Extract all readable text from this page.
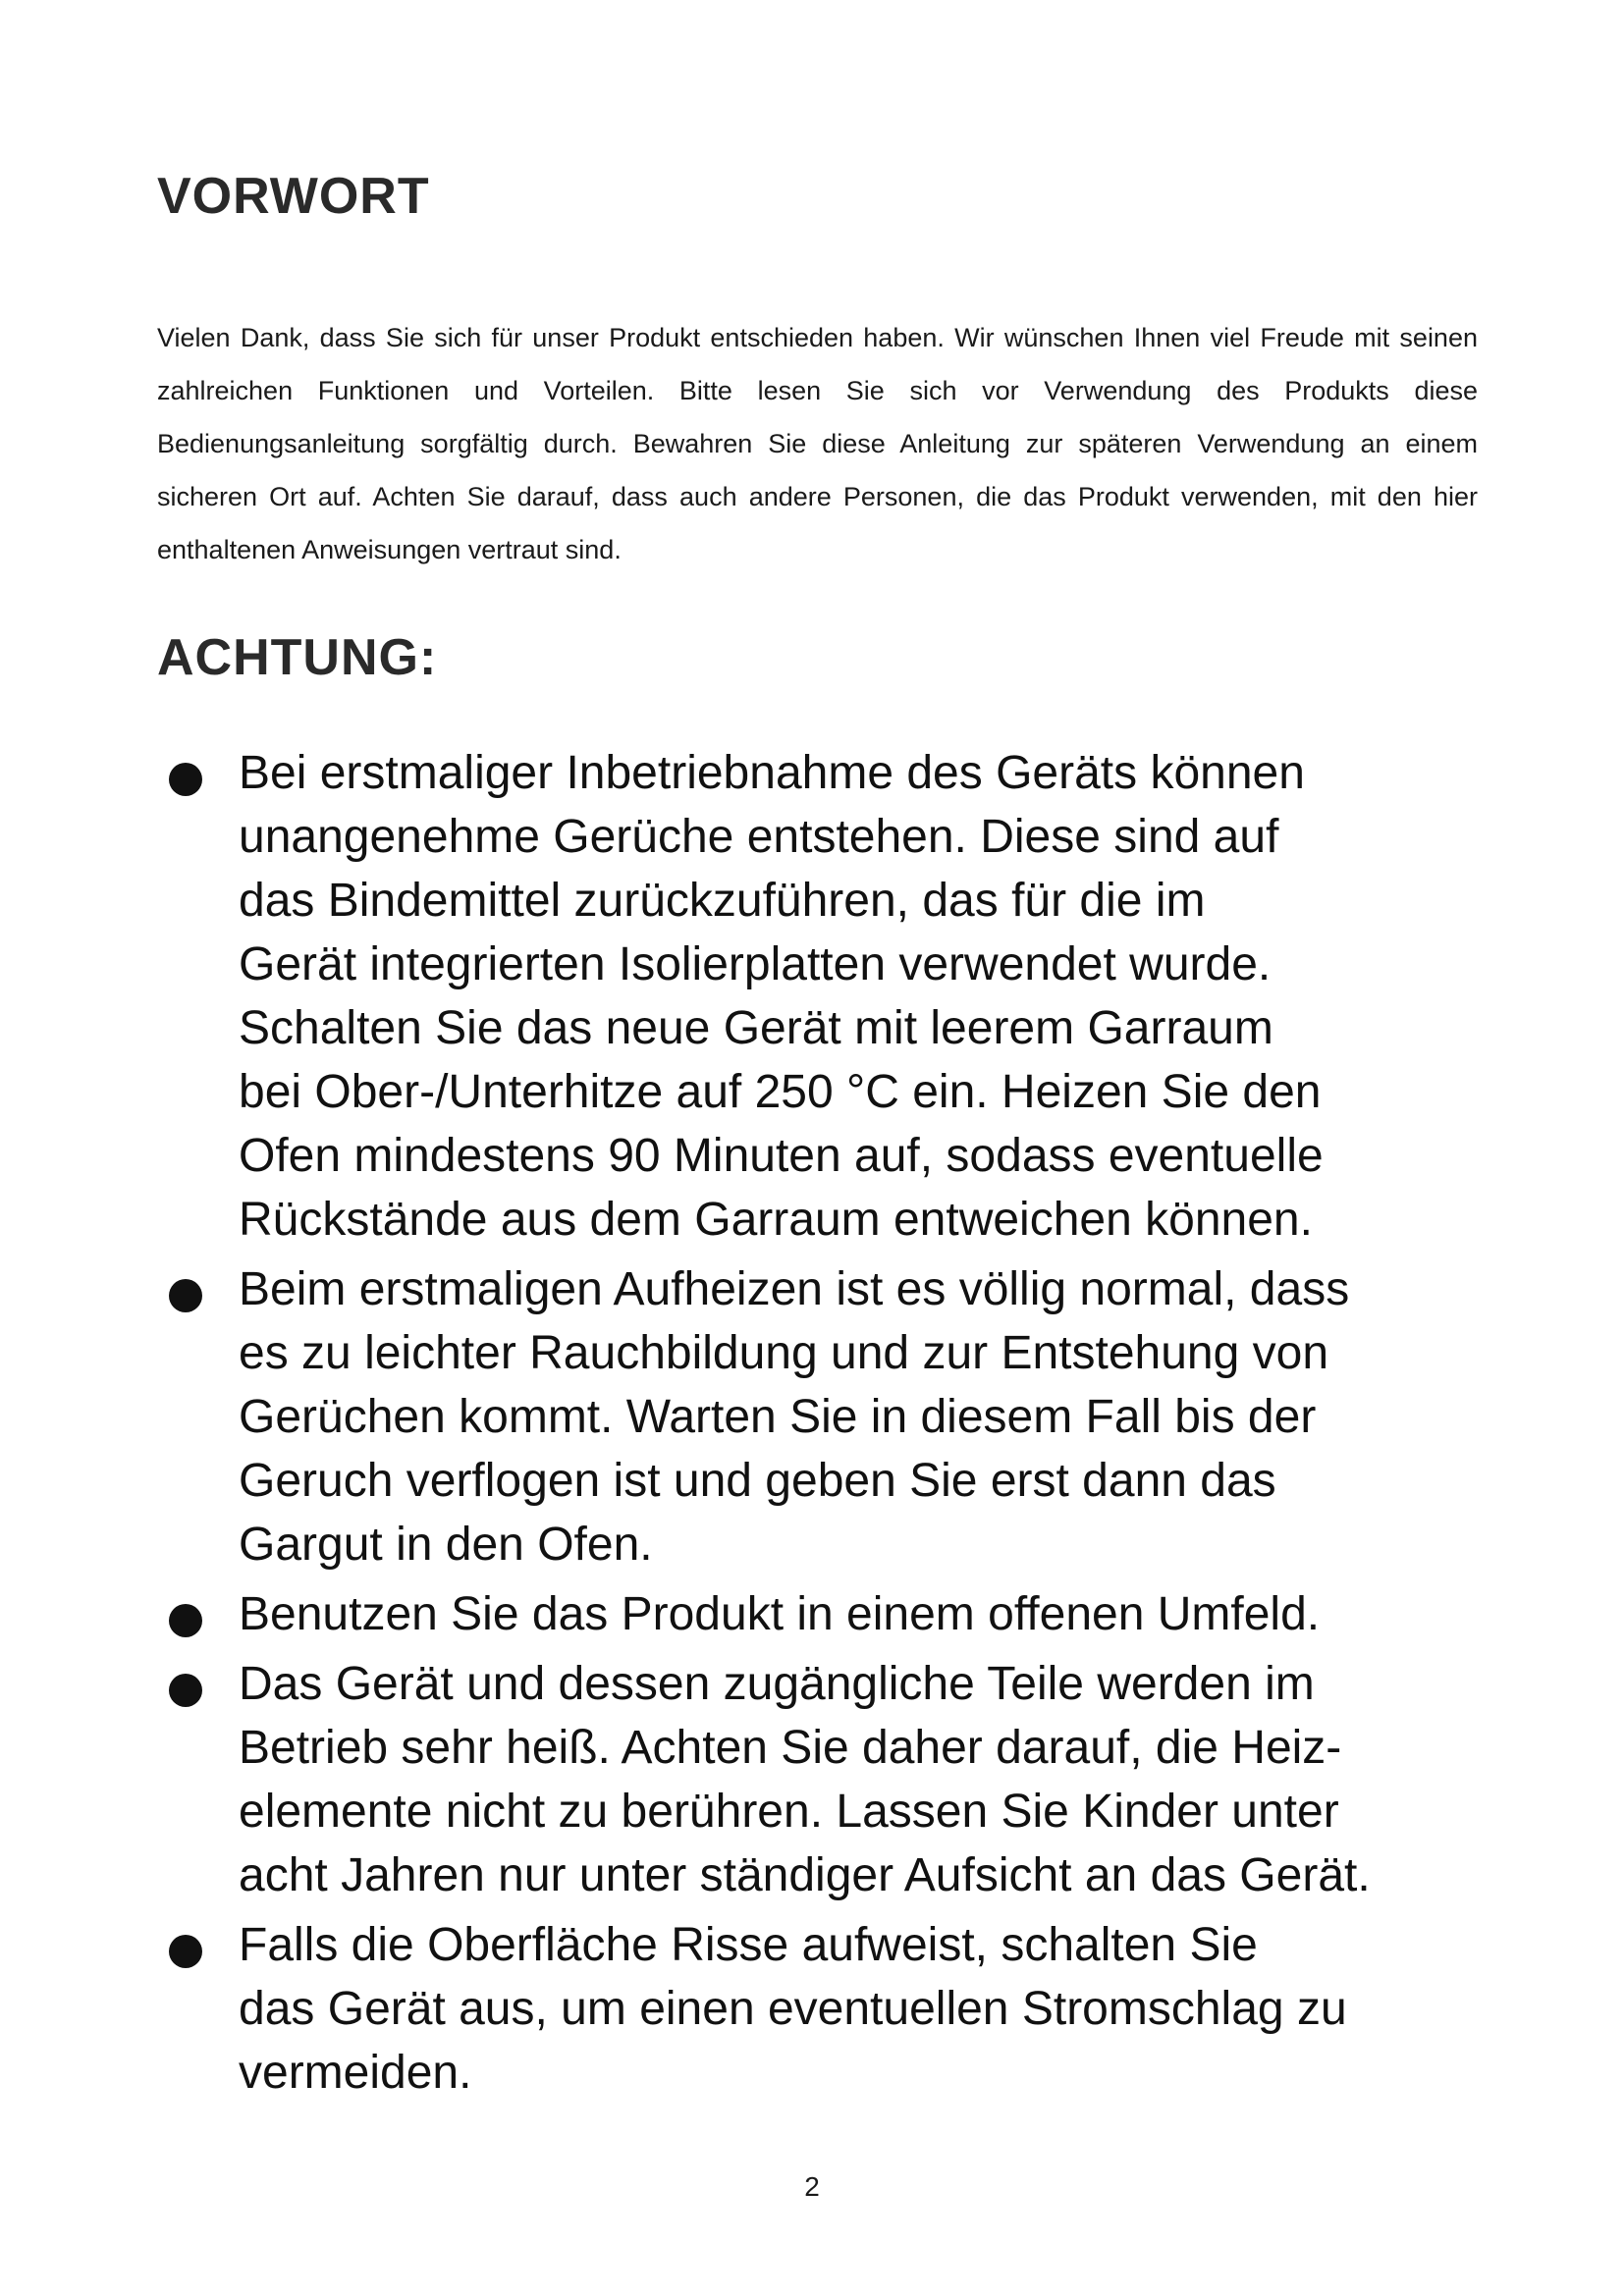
VORWORT

Vielen Dank, dass Sie sich für unser Produkt entschieden haben. Wir wünschen Ihnen viel Freude mit seinen zahlreichen Funktionen und Vorteilen. Bitte lesen Sie sich vor Verwendung des Produkts diese Bedienungsanleitung sorgfältig durch. Bewahren Sie diese Anleitung zur späteren Verwendung an einem sicheren Ort auf. Achten Sie darauf, dass auch andere Personen, die das Produkt verwenden, mit den hier enthaltenen Anweisungen vertraut sind.

ACHTUNG:
Bei erstmaliger Inbetriebnahme des Geräts können
unangenehme Gerüche entstehen. Diese sind auf
das Bindemittel zurückzuführen, das für die im
Gerät integrierten Isolierplatten verwendet wurde.
Schalten Sie das neue Gerät mit leerem Garraum
bei Ober-/Unterhitze auf 250 °C ein. Heizen Sie den
Ofen mindestens 90 Minuten auf, sodass eventuelle
Rückstände aus dem Garraum entweichen können.
Beim erstmaligen Aufheizen ist es völlig normal, dass
es zu leichter Rauchbildung und zur Entstehung von
Gerüchen kommt. Warten Sie in diesem Fall bis der
Geruch verflogen ist und geben Sie erst dann das
Gargut in den Ofen.
Benutzen Sie das Produkt in einem offenen Umfeld.
Das Gerät und dessen zugängliche Teile werden im
Betrieb sehr heiß. Achten Sie daher darauf, die Heiz-
elemente nicht zu berühren. Lassen Sie Kinder unter
acht Jahren nur unter ständiger Aufsicht an das Gerät.
Falls die Oberfläche Risse aufweist, schalten Sie
das Gerät aus, um einen eventuellen Stromschlag zu
vermeiden.
2
